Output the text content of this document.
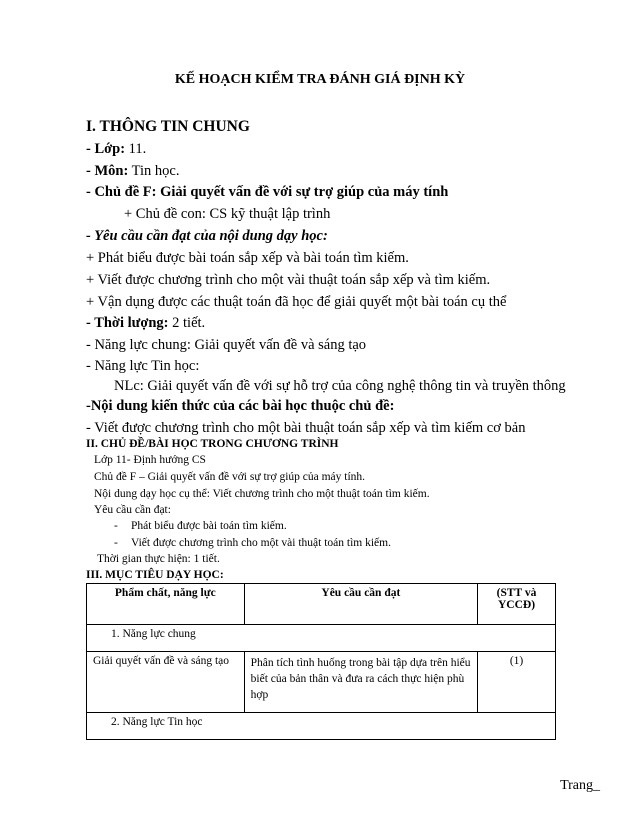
KẾ HOẠCH KIỂM TRA ĐÁNH GIÁ ĐỊNH KỲ
I. THÔNG TIN CHUNG
- Lớp: 11.
- Môn: Tin học.
- Chủ đề F: Giải quyết vấn đề với sự trợ giúp của máy tính
+ Chủ đề con: CS kỹ thuật lập trình
- Yêu cầu cần đạt của nội dung dạy học:
+ Phát biểu được bài toán sắp xếp và bài toán tìm kiếm.
+ Viết được chương trình cho một vài thuật toán sắp xếp và tìm kiếm.
+ Vận dụng được các thuật toán đã học để giải quyết một bài toán cụ thể
- Thời lượng: 2 tiết.
- Năng lực chung: Giải quyết vấn đề và sáng tạo
- Năng lực Tin học:
NLc: Giải quyết vấn đề với sự hỗ trợ của công nghệ thông tin và truyền thông
-Nội dung kiến thức của các bài học thuộc chủ đề:
- Viết được chương trình cho một bài thuật toán sắp xếp và tìm kiếm cơ bản
II. CHỦ ĐỀ/BÀI HỌC TRONG CHƯƠNG TRÌNH
Lớp 11- Định hướng CS
Chủ đề F – Giải quyết vấn đề với sự trợ giúp của máy tính.
Nội dung dạy học cụ thể: Viết chương trình cho một thuật toán tìm kiếm.
Yêu cầu cần đạt:
- Phát biểu được bài toán tìm kiếm.
- Viết được chương trình cho một vài thuật toán tìm kiếm.
Thời gian thực hiện: 1 tiết.
III. MỤC TIÊU DẠY HỌC:
Phẩm chất, năng lực	Yêu cầu cần đạt	(STT và YCCĐ)
1. Năng lực chung		
Giải quyết vấn đề và sáng tạo	Phân tích tình huống trong bài tập dựa trên hiểu biết của bản thân và đưa ra cách thực hiện phù hợp	(1)
2. Năng lực Tin học		
Trang_
